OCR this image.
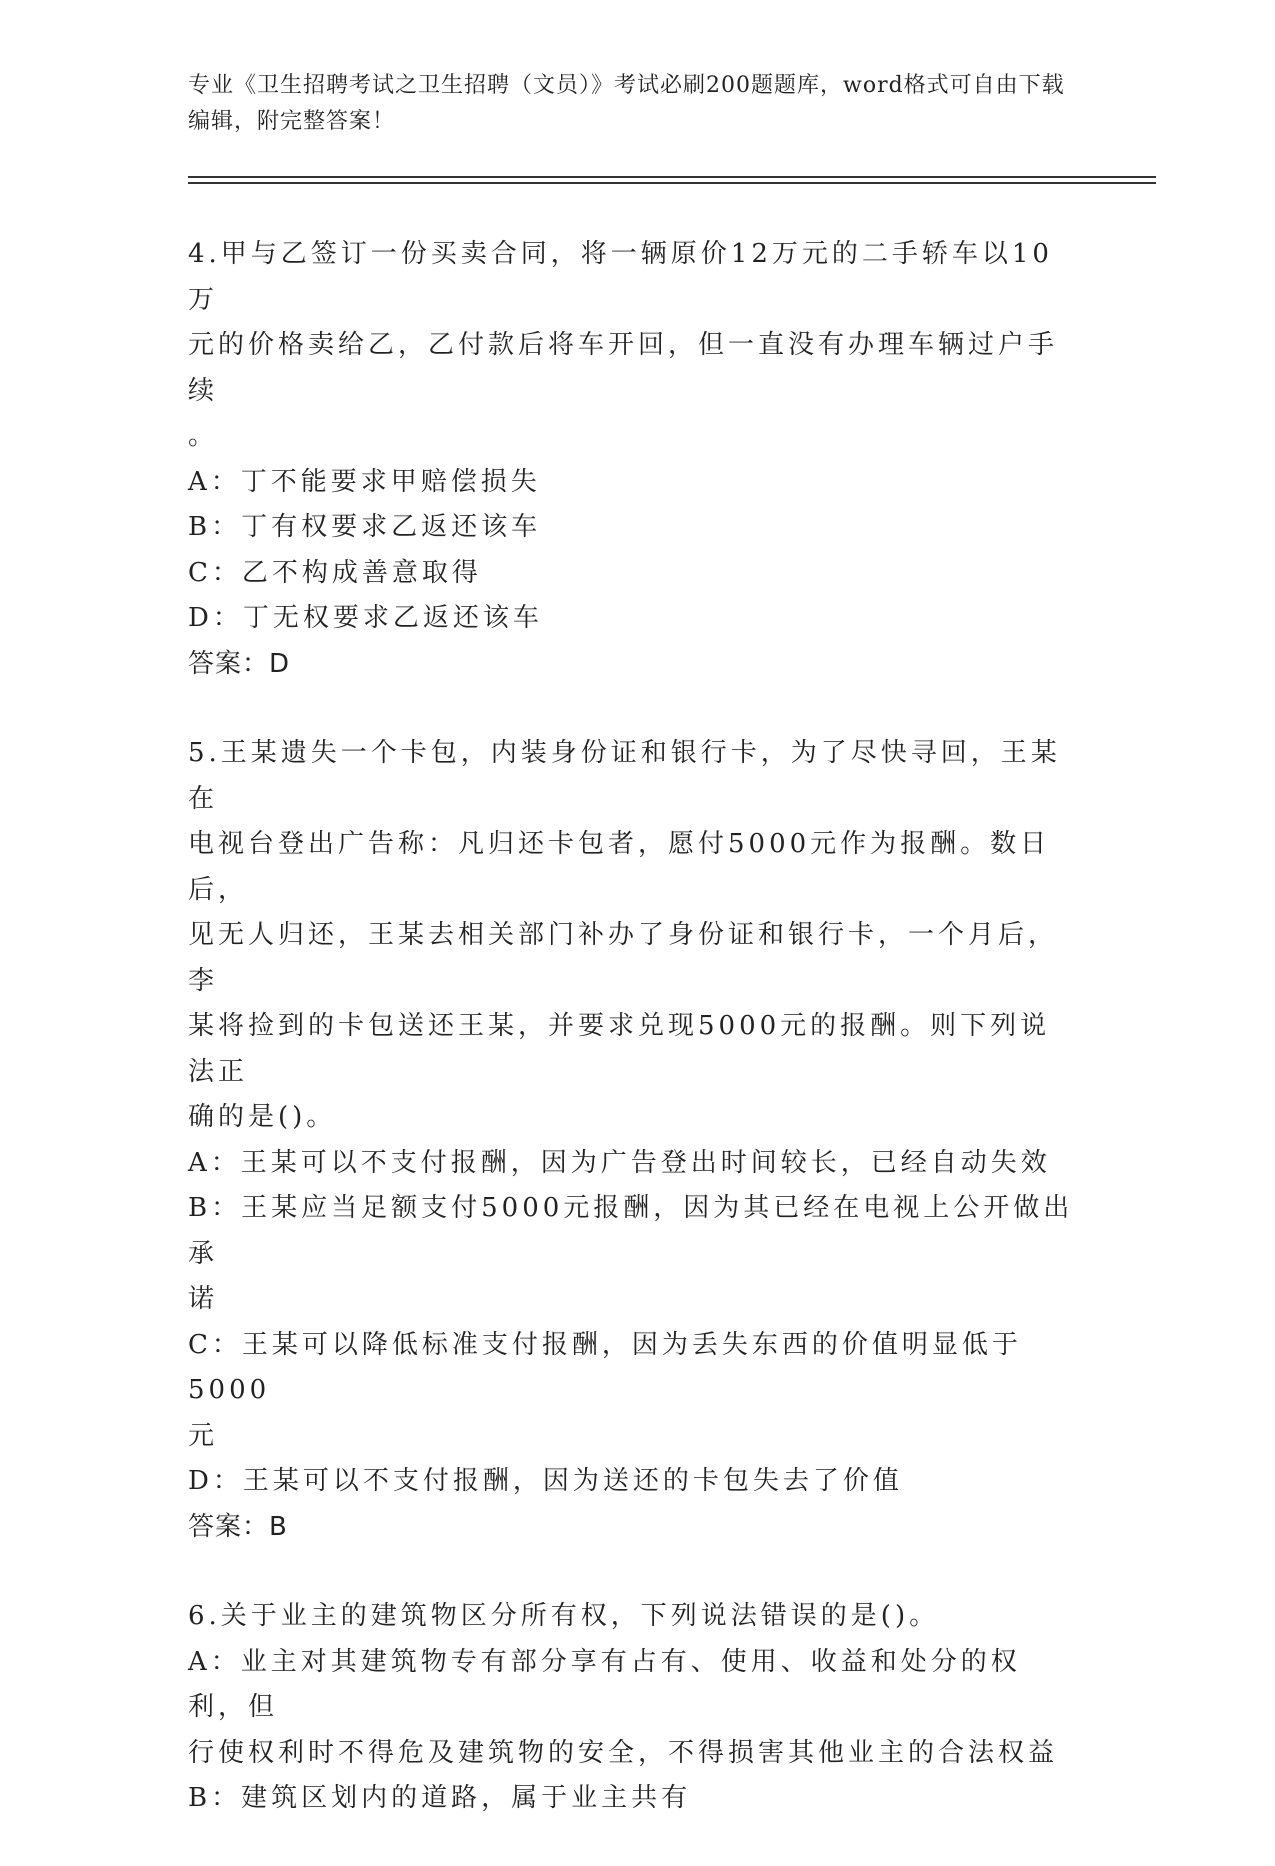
专业《卫生招聘考试之卫生招聘（文员）》考试必刷200题题库，word格式可自由下载编辑，附完整答案！
4.甲与乙签订一份买卖合同，将一辆原价12万元的二手轿车以10万
元的价格卖给乙，乙付款后将车开回，但一直没有办理车辆过户手续
。
A：丁不能要求甲赔偿损失
B：丁有权要求乙返还该车
C：乙不构成善意取得
D：丁无权要求乙返还该车
答案：D
5.王某遗失一个卡包，内装身份证和银行卡，为了尽快寻回，王某在
电视台登出广告称：凡归还卡包者，愿付5000元作为报酬。数日后，
见无人归还，王某去相关部门补办了身份证和银行卡，一个月后，李
某将捡到的卡包送还王某，并要求兑现5000元的报酬。则下列说法正
确的是()。
A：王某可以不支付报酬，因为广告登出时间较长，已经自动失效
B：王某应当足额支付5000元报酬，因为其已经在电视上公开做出承
诺
C：王某可以降低标准支付报酬，因为丢失东西的价值明显低于5000
元
D：王某可以不支付报酬，因为送还的卡包失去了价值
答案：B
6.关于业主的建筑物区分所有权，下列说法错误的是()。
A：业主对其建筑物专有部分享有占有、使用、收益和处分的权利，但
行使权利时不得危及建筑物的安全，不得损害其他业主的合法权益
B：建筑区划内的道路，属于业主共有
